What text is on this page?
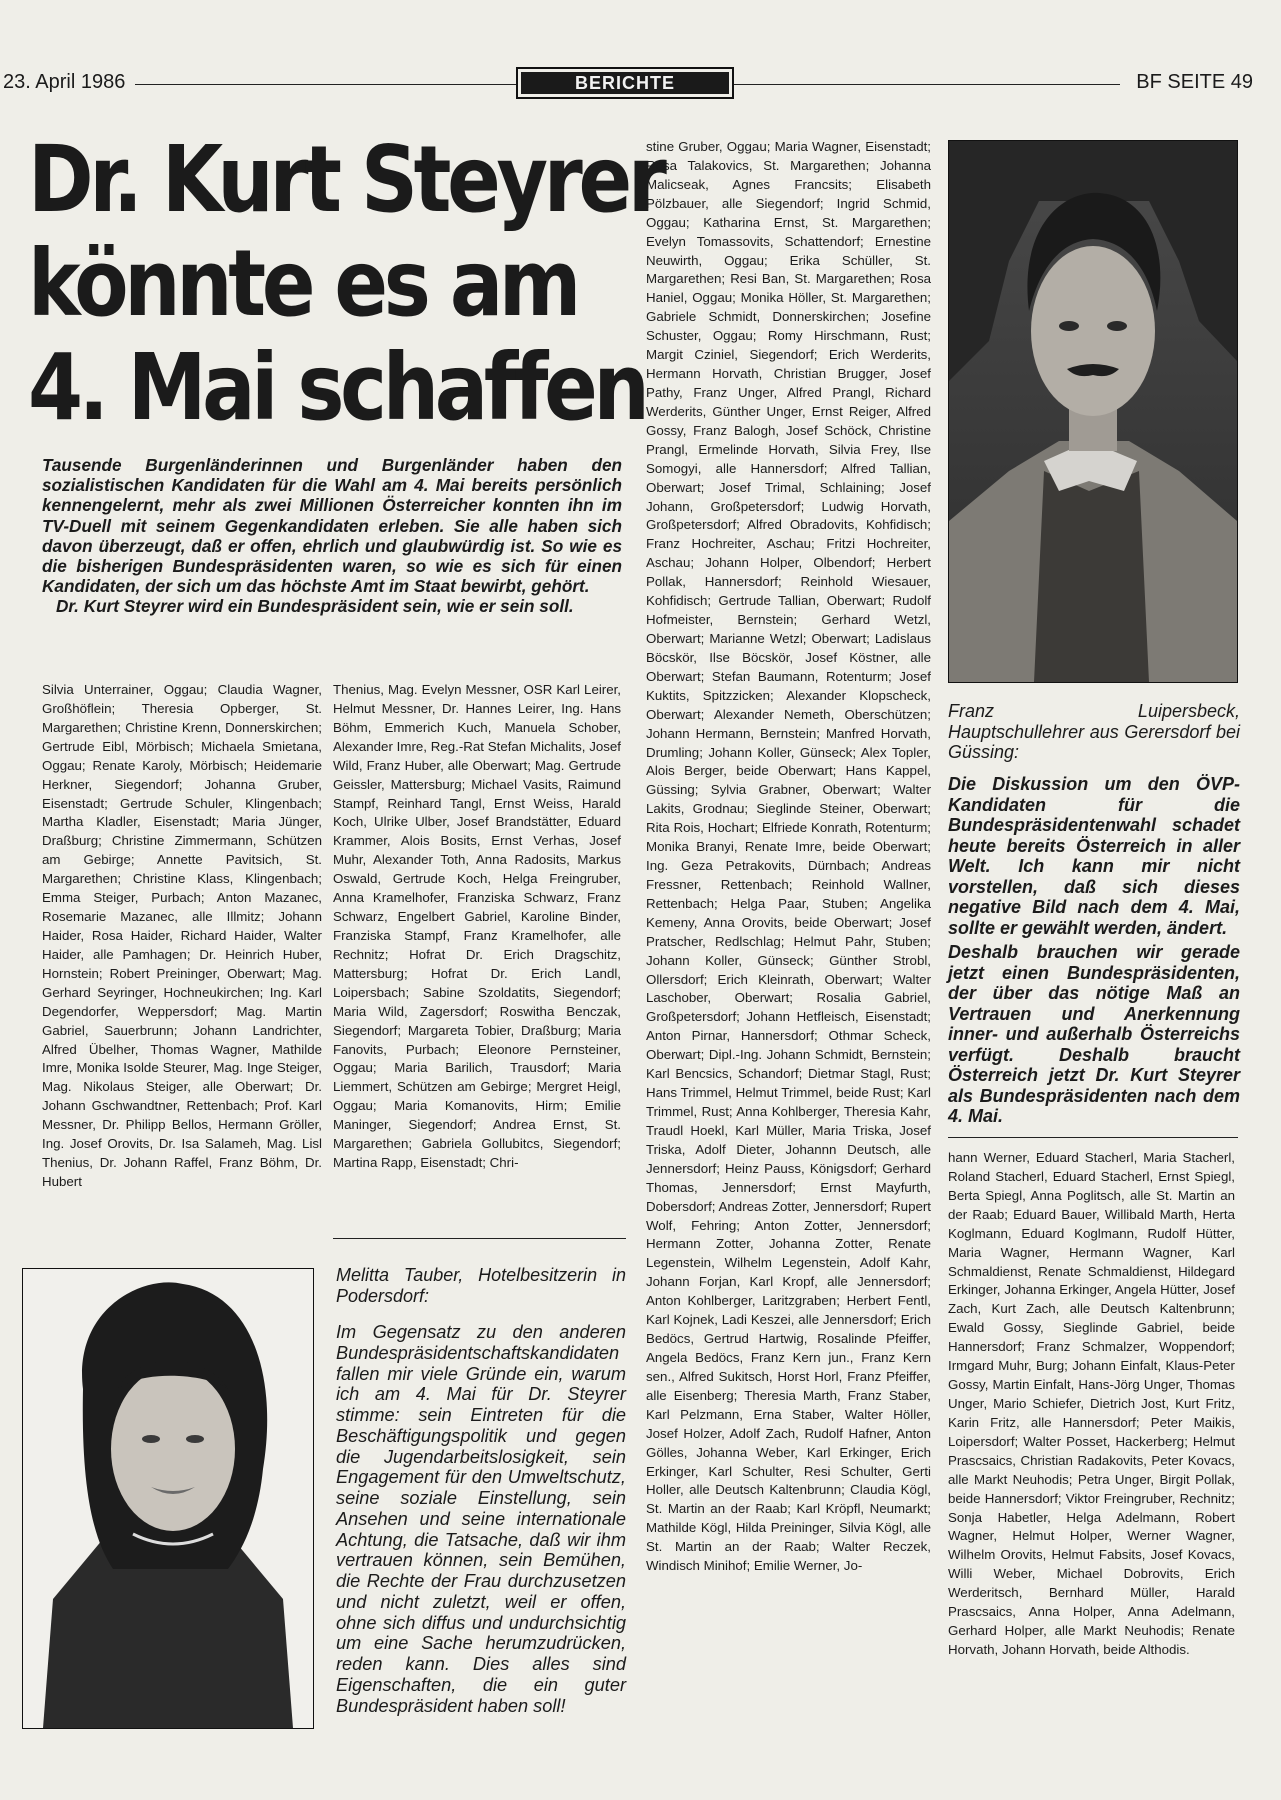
23. April 1986	BERICHTE	BF SEITE 49
Dr. Kurt Steyrer
könnte es am
4. Mai schaffen

Tausende Burgenländerinnen und Burgenländer haben den sozialistischen Kandidaten für die Wahl am 4. Mai bereits persönlich kennengelernt, mehr als zwei Millionen Österreicher konnten ihn im TV-Duell mit seinem Gegenkandidaten erleben. Sie alle haben sich davon überzeugt, daß er offen, ehrlich und glaubwürdig ist. So wie es die bisherigen Bundespräsidenten waren, so wie es sich für einen Kandidaten, der sich um das höchste Amt im Staat bewirbt, gehört.

Dr. Kurt Steyrer wird ein Bundespräsident sein, wie er sein soll.

Silvia Unterrainer, Oggau; Claudia Wagner, Großhöflein; Theresia Opberger, St. Margarethen; Christine Krenn, Donnerskirchen; Gertrude Eibl, Mörbisch; Michaela Smietana, Oggau; Renate Karoly, Mörbisch; Heidemarie Herkner, Siegendorf; Johanna Gruber, Eisenstadt; Gertrude Schuler, Klingenbach; Martha Kladler, Eisenstadt; Maria Jünger, Draßburg; Christine Zimmermann, Schützen am Gebirge; Annette Pavitsich, St. Margarethen; Christine Klass, Klingenbach; Emma Steiger, Purbach; Anton Mazanec, Rosemarie Mazanec, alle Illmitz; Johann Haider, Rosa Haider, Richard Haider, Walter Haider, alle Pamhagen; Dr. Heinrich Huber, Hornstein; Robert Preininger, Oberwart; Mag. Gerhard Seyringer, Hochneukirchen; Ing. Karl Degendorfer, Weppersdorf; Mag. Martin Gabriel, Sauerbrunn; Johann Landrichter, Alfred Übelher, Thomas Wagner, Mathilde Imre, Monika Isolde Steurer, Mag. Inge Steiger, Mag. Nikolaus Steiger, alle Oberwart; Dr. Johann Gschwandtner, Rettenbach; Prof. Karl Messner, Dr. Philipp Bellos, Hermann Gröller, Ing. Josef Orovits, Dr. Isa Salameh, Mag. Lisl Thenius, Dr. Johann Raffel, Franz Böhm, Dr. Hubert

Thenius, Mag. Evelyn Messner, OSR Karl Leirer, Helmut Messner, Dr. Hannes Leirer, Ing. Hans Böhm, Emmerich Kuch, Manuela Schober, Alexander Imre, Reg.-Rat Stefan Michalits, Josef Wild, Franz Huber, alle Oberwart; Mag. Gertrude Geissler, Mattersburg; Michael Vasits, Raimund Stampf, Reinhard Tangl, Ernst Weiss, Harald Koch, Ulrike Ulber, Josef Brandstätter, Eduard Krammer, Alois Bosits, Ernst Verhas, Josef Muhr, Alexander Toth, Anna Radosits, Markus Oswald, Gertrude Koch, Helga Freingruber, Anna Kramelhofer, Franziska Schwarz, Franz Schwarz, Engelbert Gabriel, Karoline Binder, Franziska Stampf, Franz Kramelhofer, alle Rechnitz; Hofrat Dr. Erich Dragschitz, Mattersburg; Hofrat Dr. Erich Landl, Loipersbach; Sabine Szoldatits, Siegendorf; Maria Wild, Zagersdorf; Roswitha Benczak, Siegendorf; Margareta Tobier, Draßburg; Maria Fanovits, Purbach; Eleonore Pernsteiner, Oggau; Maria Barilich, Trausdorf; Maria Liemmert, Schützen am Gebirge; Mergret Heigl, Oggau; Maria Komanovits, Hirm; Emilie Maninger, Siegendorf; Andrea Ernst, St. Margarethen; Gabriela Gollubitcs, Siegendorf; Martina Rapp, Eisenstadt; Chri-

stine Gruber, Oggau; Maria Wagner, Eisenstadt; Rosa Talakovics, St. Margarethen; Johanna Malicseak, Agnes Francsits; Elisabeth Pölzbauer, alle Siegendorf; Ingrid Schmid, Oggau; Katharina Ernst, St. Margarethen; Evelyn Tomassovits, Schattendorf; Ernestine Neuwirth, Oggau; Erika Schüller, St. Margarethen; Resi Ban, St. Margarethen; Rosa Haniel, Oggau; Monika Höller, St. Margarethen; Gabriele Schmidt, Donnerskirchen; Josefine Schuster, Oggau; Romy Hirschmann, Rust; Margit Cziniel, Siegendorf; Erich Werderits, Hermann Horvath, Christian Brugger, Josef Pathy, Franz Unger, Alfred Prangl, Richard Werderits, Günther Unger, Ernst Reiger, Alfred Gossy, Franz Balogh, Josef Schöck, Christine Prangl, Ermelinde Horvath, Silvia Frey, Ilse Somogyi, alle Hannersdorf; Alfred Tallian, Oberwart; Josef Trimal, Schlaining; Josef Johann, Großpetersdorf; Ludwig Horvath, Großpetersdorf; Alfred Obradovits, Kohfidisch; Franz Hochreiter, Aschau; Fritzi Hochreiter, Aschau; Johann Holper, Olbendorf; Herbert Pollak, Hannersdorf; Reinhold Wiesauer, Kohfidisch; Gertrude Tallian, Oberwart; Rudolf Hofmeister, Bernstein; Gerhard Wetzl, Oberwart; Marianne Wetzl; Oberwart; Ladislaus Böcskör, Ilse Böcskör, Josef Köstner, alle Oberwart; Stefan Baumann, Rotenturm; Josef Kuktits, Spitzzicken; Alexander Klopscheck, Oberwart; Alexander Nemeth, Oberschützen; Johann Hermann, Bernstein; Manfred Horvath, Drumling; Johann Koller, Günseck; Alex Topler, Alois Berger, beide Oberwart; Hans Kappel, Güssing; Sylvia Grabner, Oberwart; Walter Lakits, Grodnau; Sieglinde Steiner, Oberwart; Rita Rois, Hochart; Elfriede Konrath, Rotenturm; Monika Branyi, Renate Imre, beide Oberwart; Ing. Geza Petrakovits, Dürnbach; Andreas Fressner, Rettenbach; Reinhold Wallner, Rettenbach; Helga Paar, Stuben; Angelika Kemeny, Anna Orovits, beide Oberwart; Josef Pratscher, Redlschlag; Helmut Pahr, Stuben; Johann Koller, Günseck; Günther Strobl, Ollersdorf; Erich Kleinrath, Oberwart; Walter Laschober, Oberwart; Rosalia Gabriel, Großpetersdorf; Johann Hetfleisch, Eisenstadt; Anton Pirnar, Hannersdorf; Othmar Scheck, Oberwart; Dipl.-Ing. Johann Schmidt, Bernstein; Karl Bencsics, Schandorf; Dietmar Stagl, Rust; Hans Trimmel, Helmut Trimmel, beide Rust; Karl Trimmel, Rust; Anna Kohlberger, Theresia Kahr, Traudl Hoekl, Karl Müller, Maria Triska, Josef Triska, Adolf Dieter, Johannn Deutsch, alle Jennersdorf; Heinz Pauss, Königsdorf; Gerhard Thomas, Jennersdorf; Ernst Mayfurth, Dobersdorf; Andreas Zotter, Jennersdorf; Rupert Wolf, Fehring; Anton Zotter, Jennersdorf; Hermann Zotter, Johanna Zotter, Renate Legenstein, Wilhelm Legenstein, Adolf Kahr, Johann Forjan, Karl Kropf, alle Jennersdorf; Anton Kohlberger, Laritzgraben; Herbert Fentl, Karl Kojnek, Ladi Keszei, alle Jennersdorf; Erich Bedöcs, Gertrud Hartwig, Rosalinde Pfeiffer, Angela Bedöcs, Franz Kern jun., Franz Kern sen., Alfred Sukitsch, Horst Horl, Franz Pfeiffer, alle Eisenberg; Theresia Marth, Franz Staber, Karl Pelzmann, Erna Staber, Walter Höller, Josef Holzer, Adolf Zach, Rudolf Hafner, Anton Gölles, Johanna Weber, Karl Erkinger, Erich Erkinger, Karl Schulter, Resi Schulter, Gerti Holler, alle Deutsch Kaltenbrunn; Claudia Kögl, St. Martin an der Raab; Karl Kröpfl, Neumarkt; Mathilde Kögl, Hilda Preininger, Silvia Kögl, alle St. Martin an der Raab; Walter Reczek, Windisch Minihof; Emilie Werner, Jo-

hann Werner, Eduard Stacherl, Maria Stacherl, Roland Stacherl, Eduard Stacherl, Ernst Spiegl, Berta Spiegl, Anna Poglitsch, alle St. Martin an der Raab; Eduard Bauer, Willibald Marth, Herta Koglmann, Eduard Koglmann, Rudolf Hütter, Maria Wagner, Hermann Wagner, Karl Schmaldienst, Renate Schmaldienst, Hildegard Erkinger, Johanna Erkinger, Angela Hütter, Josef Zach, Kurt Zach, alle Deutsch Kaltenbrunn; Ewald Gossy, Sieglinde Gabriel, beide Hannersdorf; Franz Schmalzer, Woppendorf; Irmgard Muhr, Burg; Johann Einfalt, Klaus-Peter Gossy, Martin Einfalt, Hans-Jörg Unger, Thomas Unger, Mario Schiefer, Dietrich Jost, Kurt Fritz, Karin Fritz, alle Hannersdorf; Peter Maikis, Loipersdorf; Walter Posset, Hackerberg; Helmut Prascsaics, Christian Radakovits, Peter Kovacs, alle Markt Neuhodis; Petra Unger, Birgit Pollak, beide Hannersdorf; Viktor Freingruber, Rechnitz; Sonja Habetler, Helga Adelmann, Robert Wagner, Helmut Holper, Werner Wagner, Wilhelm Orovits, Helmut Fabsits, Josef Kovacs, Willi Weber, Michael Dobrovits, Erich Werderitsch, Bernhard Müller, Harald Prascsaics, Anna Holper, Anna Adelmann, Gerhard Holper, alle Markt Neuhodis; Renate Horvath, Johann Horvath, beide Althodis.

Franz Luipersbeck, Hauptschullehrer aus Gerersdorf bei Güssing:

Die Diskussion um den ÖVP-Kandidaten für die Bundespräsidentenwahl schadet heute bereits Österreich in aller Welt. Ich kann mir nicht vorstellen, daß sich dieses negative Bild nach dem 4. Mai, sollte er gewählt werden, ändert.

Deshalb brauchen wir gerade jetzt einen Bundespräsidenten, der über das nötige Maß an Vertrauen und Anerkennung inner- und außerhalb Österreichs verfügt. Deshalb braucht Österreich jetzt Dr. Kurt Steyrer als Bundespräsidenten nach dem 4. Mai.

Melitta Tauber, Hotelbesitzerin in Podersdorf:

Im Gegensatz zu den anderen Bundespräsidentschaftskandidaten fallen mir viele Gründe ein, warum ich am 4. Mai für Dr. Steyrer stimme: sein Eintreten für die Beschäftigungspolitik und gegen die Jugendarbeitslosigkeit, sein Engagement für den Umweltschutz, seine soziale Einstellung, sein Ansehen und seine internationale Achtung, die Tatsache, daß wir ihm vertrauen können, sein Bemühen, die Rechte der Frau durchzusetzen und nicht zuletzt, weil er offen, ohne sich diffus und undurchsichtig um eine Sache herumzudrücken, reden kann. Dies alles sind Eigenschaften, die ein guter Bundespräsident haben soll!
